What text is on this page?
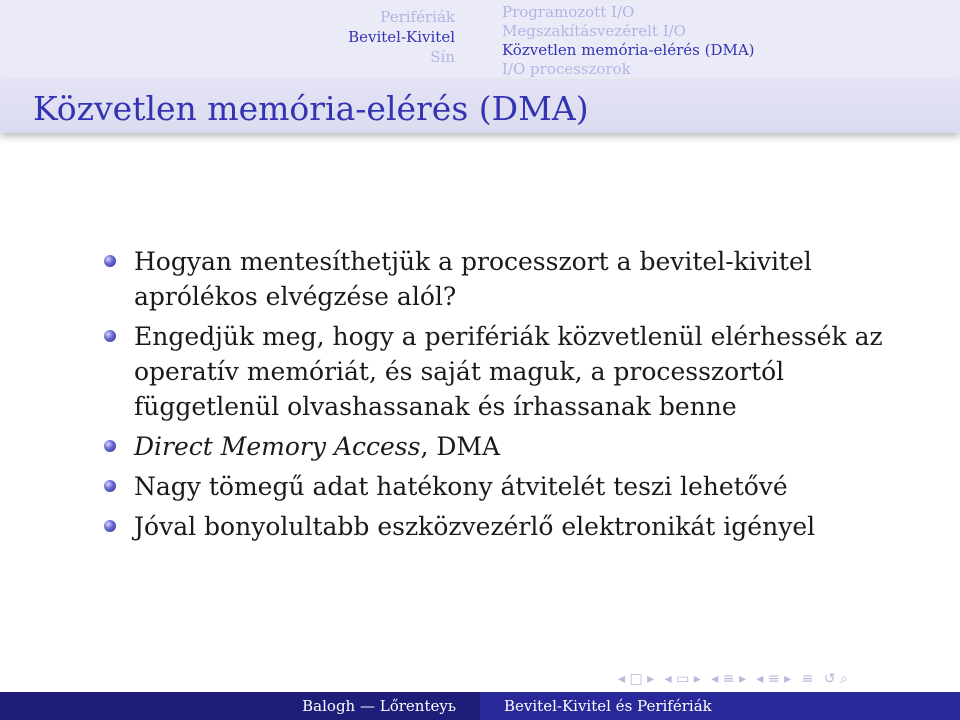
Perifériák
Bevitel-Kivitel
Sín
Programozott I/O
Megszakításvezérelt I/O
Közvetlen memória-elérés (DMA)
I/O processzorok
Közvetlen memória-elérés (DMA)
Hogyan mentesíthetjük a processzort a bevitel-kivitel aprólékos elvégzése alól?
Engedjük meg, hogy a perifériák közvetlenül elérhessék az operatív memóriát, és saját maguk, a processzortól függetlenül olvashassanak és írhassanak benne
Direct Memory Access, DMA
Nagy tömegű adat hatékony átvitelét teszi lehetővé
Jóval bonyolultabb eszközvezérlő elektronikát igényel
◂ □ ▸ ◂ ▭ ▸ ◂ ≡ ▸ ◂ ≡ ▸ ≡ ↺ ⌕
Balogh — Lőrenteyь	Bevitel-Kivitel és Perifériák
